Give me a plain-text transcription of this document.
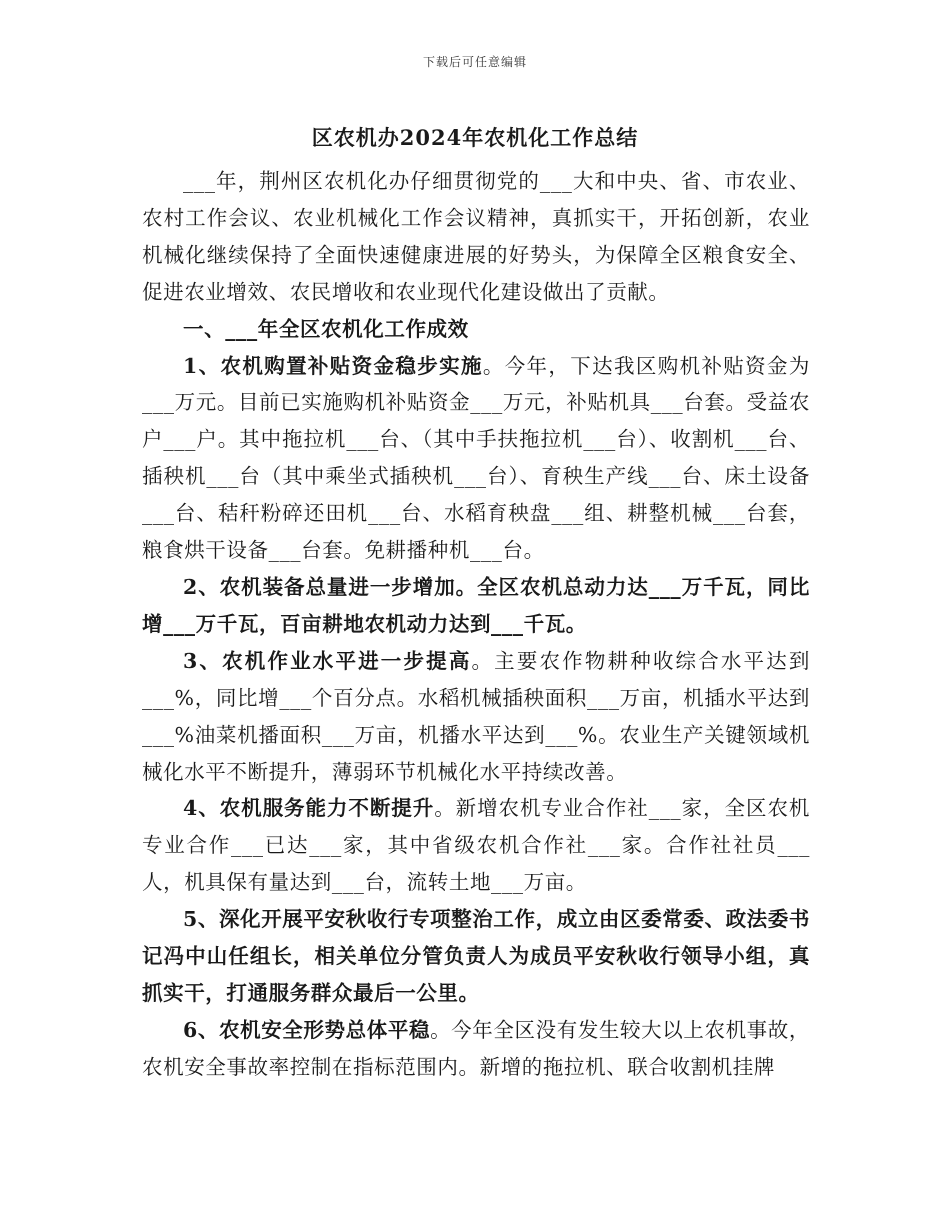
下载后可任意编辑
区农机办2024年农机化工作总结

___年，荆州区农机化办仔细贯彻党的___大和中央、省、市农业、农村工作会议、农业机械化工作会议精神，真抓实干，开拓创新，农业机械化继续保持了全面快速健康进展的好势头，为保障全区粮食安全、促进农业增效、农民增收和农业现代化建设做出了贡献。

一、___年全区农机化工作成效

1、农机购置补贴资金稳步实施。今年，下达我区购机补贴资金为___万元。目前已实施购机补贴资金___万元，补贴机具___台套。受益农户___户。其中拖拉机___台、（其中手扶拖拉机___台）、收割机___台、插秧机___台（其中乘坐式插秧机___台）、育秧生产线___台、床土设备___台、秸秆粉碎还田机___台、水稻育秧盘___组、耕整机械___台套，粮食烘干设备___台套。免耕播种机___台。

2、农机装备总量进一步增加。全区农机总动力达___万千瓦，同比增___万千瓦，百亩耕地农机动力达到___千瓦。

3、农机作业水平进一步提高。主要农作物耕种收综合水平达到___%，同比增___个百分点。水稻机械插秧面积___万亩，机插水平达到___%油菜机播面积___万亩，机播水平达到___%。农业生产关键领域机械化水平不断提升，薄弱环节机械化水平持续改善。

4、农机服务能力不断提升。新增农机专业合作社___家，全区农机专业合作___已达___家，其中省级农机合作社___家。合作社社员___人，机具保有量达到___台，流转土地___万亩。

5、深化开展平安秋收行专项整治工作，成立由区委常委、政法委书记冯中山任组长，相关单位分管负责人为成员平安秋收行领导小组，真抓实干，打通服务群众最后一公里。

6、农机安全形势总体平稳。今年全区没有发生较大以上农机事故，农机安全事故率控制在指标范围内。新增的拖拉机、联合收割机挂牌
